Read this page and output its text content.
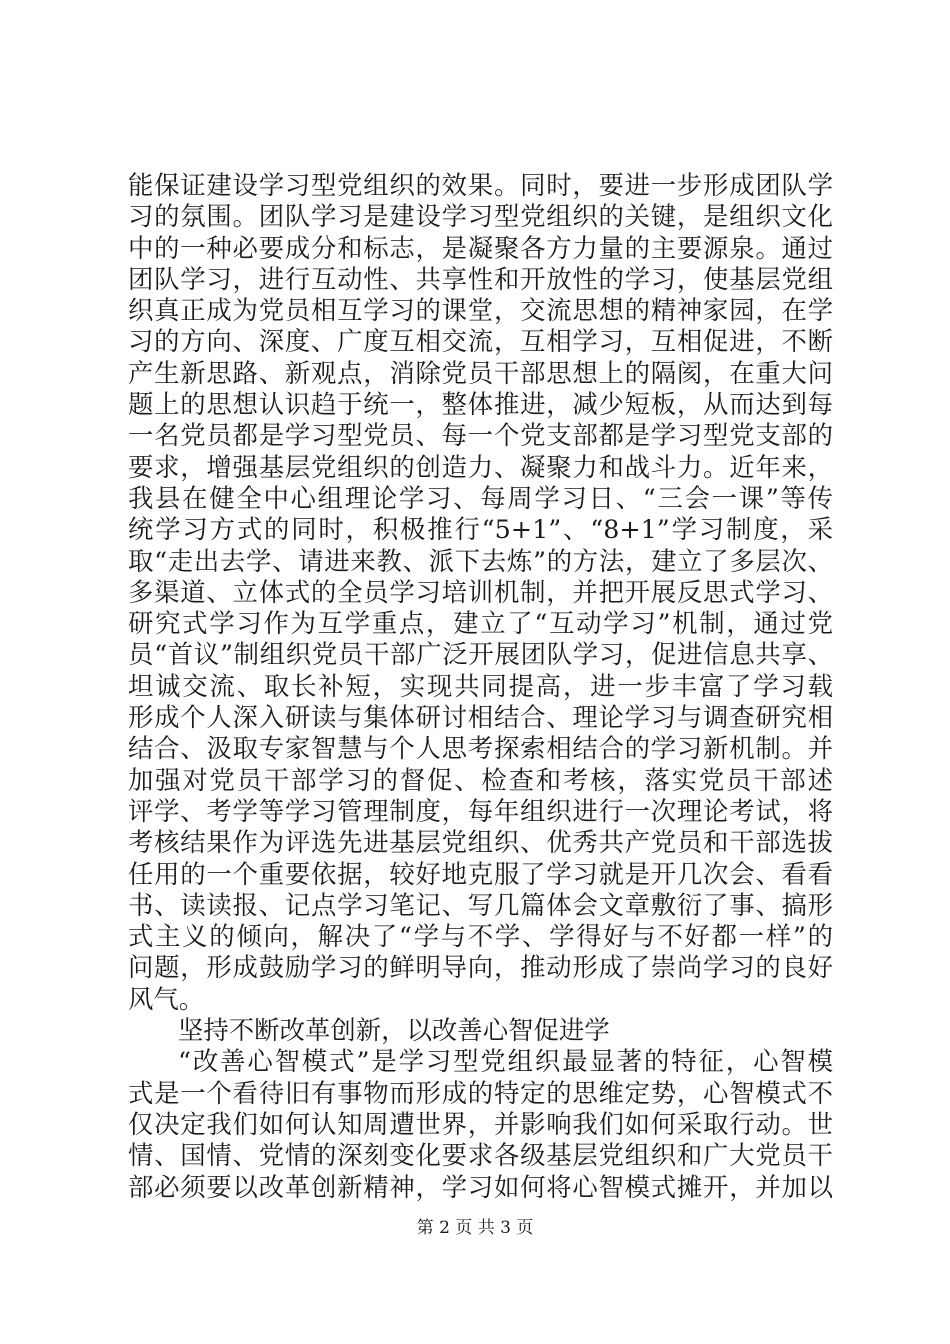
能保证建设学习型党组织的效果。同时，要进一步形成团队学
习的氛围。团队学习是建设学习型党组织的关键，是组织文化
中的一种必要成分和标志，是凝聚各方力量的主要源泉。通过
团队学习，进行互动性、共享性和开放性的学习，使基层党组
织真正成为党员相互学习的课堂，交流思想的精神家园，在学
习的方向、深度、广度互相交流，互相学习，互相促进，不断
产生新思路、新观点，消除党员干部思想上的隔阂，在重大问
题上的思想认识趋于统一，整体推进，减少短板，从而达到每
一名党员都是学习型党员、每一个党支部都是学习型党支部的
要求，增强基层党组织的创造力、凝聚力和战斗力。近年来，
我县在健全中心组理论学习、每周学习日、“三会一课”等传
统学习方式的同时，积极推行“5+1”、“8+1”学习制度，采
取“走出去学、请进来教、派下去炼”的方法，建立了多层次、
多渠道、立体式的全员学习培训机制，并把开展反思式学习、
研究式学习作为互学重点，建立了“互动学习”机制，通过党
员“首议”制组织党员干部广泛开展团队学习，促进信息共享、
坦诚交流、取长补短，实现共同提高，进一步丰富了学习载
形成个人深入研读与集体研讨相结合、理论学习与调查研究相
结合、汲取专家智慧与个人思考探索相结合的学习新机制。并
加强对党员干部学习的督促、检查和考核，落实党员干部述
评学、考学等学习管理制度，每年组织进行一次理论考试，将
考核结果作为评选先进基层党组织、优秀共产党员和干部选拔
任用的一个重要依据，较好地克服了学习就是开几次会、看看
书、读读报、记点学习笔记、写几篇体会文章敷衍了事、搞形
式主义的倾向，解决了“学与不学、学得好与不好都一样”的
问题，形成鼓励学习的鲜明导向，推动形成了崇尚学习的良好
风气。
坚持不断改革创新，以改善心智促进学
“改善心智模式”是学习型党组织最显著的特征，心智模
式是一个看待旧有事物而形成的特定的思维定势，心智模式不
仅决定我们如何认知周遭世界，并影响我们如何采取行动。世
情、国情、党情的深刻变化要求各级基层党组织和广大党员干
部必须要以改革创新精神，学习如何将心智模式摊开，并加以
第 2 页 共 3 页
